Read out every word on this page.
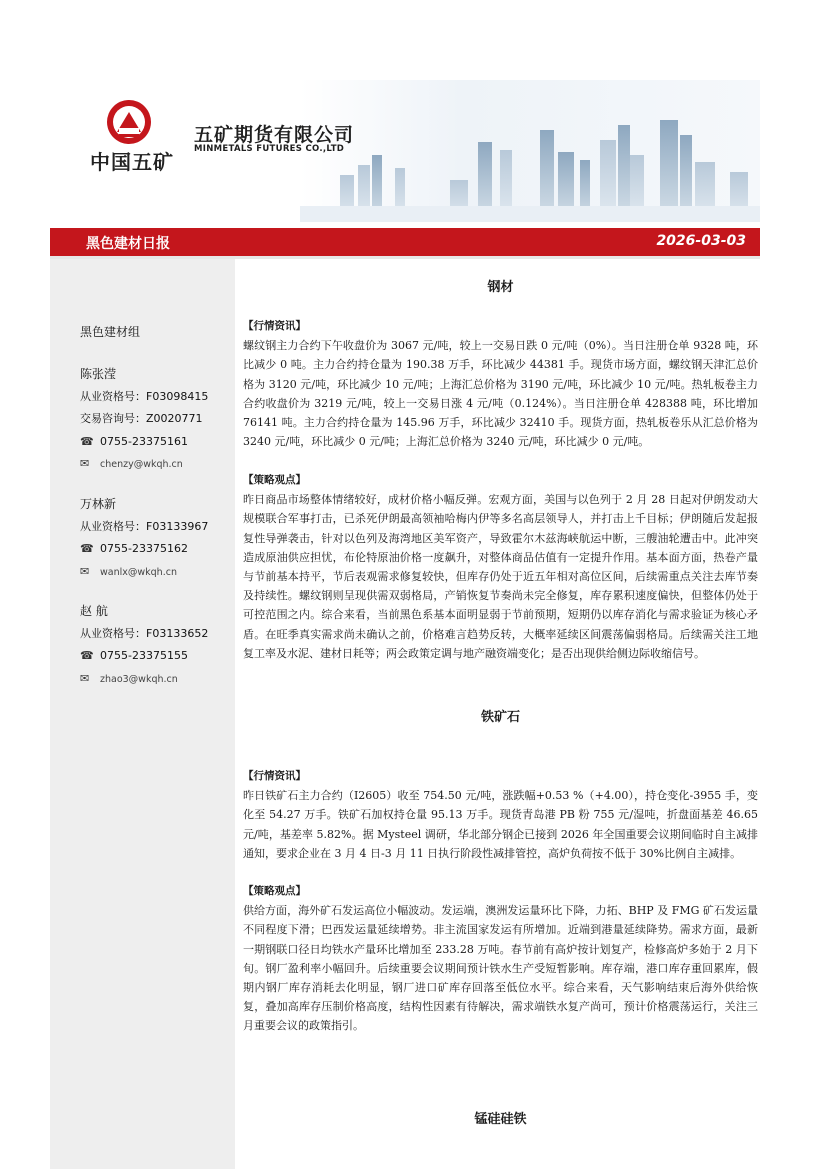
中国五矿
五矿期货有限公司
MINMETALS FUTURES CO.,LTD
黑色建材日报	2026-03-03
黑色建材组
陈张滢
从业资格号：F03098415
交易咨询号：Z0020771
☎ 0755-23375161
✉ chenzy@wkqh.cn
万林新
从业资格号：F03133967
☎ 0755-23375162
✉ wanlx@wkqh.cn
赵 航
从业资格号：F03133652
☎ 0755-23375155
✉ zhao3@wkqh.cn
钢材
【行情资讯】

螺纹钢主力合约下午收盘价为 3067 元/吨，较上一交易日跌 0 元/吨（0%）。当日注册仓单 9328 吨，环比减少 0 吨。主力合约持仓量为 190.38 万手，环比减少 44381 手。现货市场方面，螺纹钢天津汇总价格为 3120 元/吨，环比减少 10 元/吨；上海汇总价格为 3190 元/吨，环比减少 10 元/吨。热轧板卷主力合约收盘价为 3219 元/吨，较上一交易日涨 4 元/吨（0.124%）。当日注册仓单 428388 吨，环比增加 76141 吨。主力合约持仓量为 145.96 万手，环比减少 32410 手。现货方面，热轧板卷乐从汇总价格为 3240 元/吨，环比减少 0 元/吨；上海汇总价格为 3240 元/吨，环比减少 0 元/吨。

【策略观点】

昨日商品市场整体情绪较好，成材价格小幅反弹。宏观方面，美国与以色列于 2 月 28 日起对伊朗发动大规模联合军事打击，已杀死伊朗最高领袖哈梅内伊等多名高层领导人，并打击上千目标；伊朗随后发起报复性导弹袭击，针对以色列及海湾地区美军资产，导致霍尔木兹海峡航运中断，三艘油轮遭击中。此冲突造成原油供应担忧，布伦特原油价格一度飙升，对整体商品估值有一定提升作用。基本面方面，热卷产量与节前基本持平，节后表观需求修复较快，但库存仍处于近五年相对高位区间，后续需重点关注去库节奏及持续性。螺纹钢则呈现供需双弱格局，产销恢复节奏尚未完全修复，库存累积速度偏快，但整体仍处于可控范围之内。综合来看，当前黑色系基本面明显弱于节前预期，短期仍以库存消化与需求验证为核心矛盾。在旺季真实需求尚未确认之前，价格难言趋势反转，大概率延续区间震荡偏弱格局。后续需关注工地复工率及水泥、建材日耗等；两会政策定调与地产融资端变化；是否出现供给侧边际收缩信号。

铁矿石
【行情资讯】

昨日铁矿石主力合约（I2605）收至 754.50 元/吨，涨跌幅+0.53 %（+4.00），持仓变化-3955 手，变化至 54.27 万手。铁矿石加权持仓量 95.13 万手。现货青岛港 PB 粉 755 元/湿吨，折盘面基差 46.65 元/吨，基差率 5.82%。据 Mysteel 调研，华北部分钢企已接到 2026 年全国重要会议期间临时自主减排通知，要求企业在 3 月 4 日-3 月 11 日执行阶段性减排管控，高炉负荷按不低于 30%比例自主减排。

【策略观点】

供给方面，海外矿石发运高位小幅波动。发运端，澳洲发运量环比下降，力拓、BHP 及 FMG 矿石发运量不同程度下滑；巴西发运量延续增势。非主流国家发运有所增加。近端到港量延续降势。需求方面，最新一期钢联口径日均铁水产量环比增加至 233.28 万吨。春节前有高炉按计划复产，检修高炉多始于 2 月下旬。钢厂盈利率小幅回升。后续重要会议期间预计铁水生产受短暂影响。库存端，港口库存重回累库，假期内钢厂库存消耗去化明显，钢厂进口矿库存回落至低位水平。综合来看，天气影响结束后海外供给恢复，叠加高库存压制价格高度，结构性因素有待解决，需求端铁水复产尚可，预计价格震荡运行，关注三月重要会议的政策指引。

锰硅硅铁
